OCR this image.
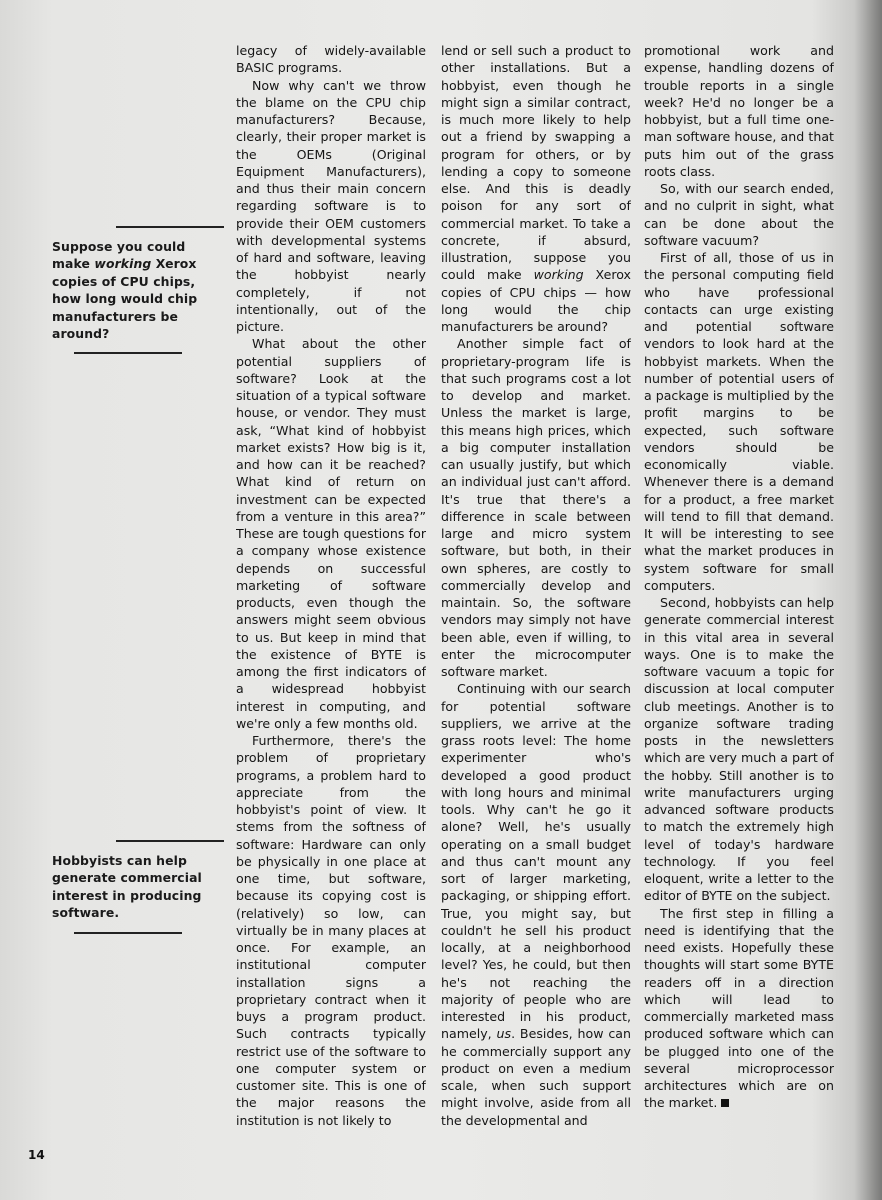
Suppose you could make working Xerox copies of CPU chips, how long would chip manufacturers be around?

Hobbyists can help generate commercial interest in producing software.

legacy of widely-available BASIC programs.

Now why can't we throw the blame on the CPU chip manufacturers? Because, clearly, their proper market is the OEMs (Original Equipment Manufacturers), and thus their main concern regarding software is to provide their OEM customers with developmental systems of hard and software, leaving the hobbyist nearly completely, if not intentionally, out of the picture.

What about the other potential suppliers of software? Look at the situation of a typical software house, or vendor. They must ask, “What kind of hobbyist market exists? How big is it, and how can it be reached? What kind of return on investment can be expected from a venture in this area?” These are tough questions for a company whose existence depends on successful marketing of software products, even though the answers might seem obvious to us. But keep in mind that the existence of BYTE is among the first indicators of a widespread hobbyist interest in computing, and we're only a few months old.

Furthermore, there's the problem of proprietary programs, a problem hard to appreciate from the hobbyist's point of view. It stems from the softness of software: Hardware can only be physically in one place at one time, but software, because its copying cost is (relatively) so low, can virtually be in many places at once. For example, an institutional computer installation signs a proprietary contract when it buys a program product. Such contracts typically restrict use of the software to one computer system or customer site. This is one of the major reasons the institution is not likely to

lend or sell such a product to other installations. But a hobbyist, even though he might sign a similar contract, is much more likely to help out a friend by swapping a program for others, or by lending a copy to someone else. And this is deadly poison for any sort of commercial market. To take a concrete, if absurd, illustration, suppose you could make working Xerox copies of CPU chips — how long would the chip manufacturers be around?

Another simple fact of proprietary-program life is that such programs cost a lot to develop and market. Unless the market is large, this means high prices, which a big computer installation can usually justify, but which an individual just can't afford. It's true that there's a difference in scale between large and micro system software, but both, in their own spheres, are costly to commercially develop and maintain. So, the software vendors may simply not have been able, even if willing, to enter the microcomputer software market.

Continuing with our search for potential software suppliers, we arrive at the grass roots level: The home experimenter who's developed a good product with long hours and minimal tools. Why can't he go it alone? Well, he's usually operating on a small budget and thus can't mount any sort of larger marketing, packaging, or shipping effort. True, you might say, but couldn't he sell his product locally, at a neighborhood level? Yes, he could, but then he's not reaching the majority of people who are interested in his product, namely, us. Besides, how can he commercially support any product on even a medium scale, when such support might involve, aside from all the developmental and

promotional work and expense, handling dozens of trouble reports in a single week? He'd no longer be a hobbyist, but a full time one-man software house, and that puts him out of the grass roots class.

So, with our search ended, and no culprit in sight, what can be done about the software vacuum?

First of all, those of us in the personal computing field who have professional contacts can urge existing and potential software vendors to look hard at the hobbyist markets. When the number of potential users of a package is multiplied by the profit margins to be expected, such software vendors should be economically viable. Whenever there is a demand for a product, a free market will tend to fill that demand. It will be interesting to see what the market produces in system software for small computers.

Second, hobbyists can help generate commercial interest in this vital area in several ways. One is to make the software vacuum a topic for discussion at local computer club meetings. Another is to organize software trading posts in the newsletters which are very much a part of the hobby. Still another is to write manufacturers urging advanced software products to match the extremely high level of today's hardware technology. If you feel eloquent, write a letter to the editor of BYTE on the subject.

The first step in filling a need is identifying that the need exists. Hopefully these thoughts will start some BYTE readers off in a direction which will lead to commercially marketed mass produced software which can be plugged into one of the several microprocessor architectures which are on the market.

14
